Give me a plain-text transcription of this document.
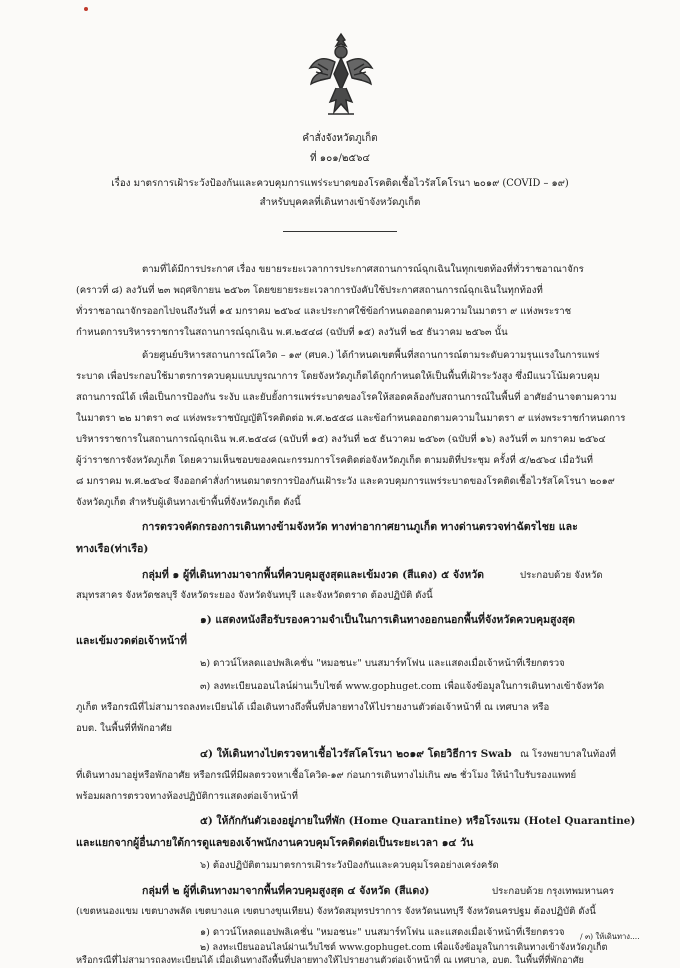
คำสั่งจังหวัดภูเก็ต
ที่ ๑๐๑/๒๕๖๔
เรื่อง มาตรการเฝ้าระวังป้องกันและควบคุมการแพร่ระบาดของโรคติดเชื้อไวรัสโคโรนา ๒๐๑๙ (COVID – ๑๙)
สำหรับบุคคลที่เดินทางเข้าจังหวัดภูเก็ต
ตามที่ได้มีการประกาศ เรื่อง ขยายระยะเวลาการประกาศสถานการณ์ฉุกเฉินในทุกเขตท้องที่ทั่วราชอาณาจักร
(คราวที่ ๘) ลงวันที่ ๒๓ พฤศจิกายน ๒๕๖๓ โดยขยายระยะเวลาการบังคับใช้ประกาศสถานการณ์ฉุกเฉินในทุกท้องที่
ทั่วราชอาณาจักรออกไปจนถึงวันที่ ๑๕ มกราคม ๒๕๖๔ และประกาศใช้ข้อกำหนดออกตามความในมาตรา ๙ แห่งพระราช
กำหนดการบริหารราชการในสถานการณ์ฉุกเฉิน พ.ศ.๒๕๔๘ (ฉบับที่ ๑๕) ลงวันที่ ๒๕ ธันวาคม ๒๕๖๓ นั้น
ด้วยศูนย์บริหารสถานการณ์โควิด – ๑๙ (ศบค.) ได้กำหนดเขตพื้นที่สถานการณ์ตามระดับความรุนแรงในการแพร่
ระบาด เพื่อประกอบใช้มาตรการควบคุมแบบบูรณาการ โดยจังหวัดภูเก็ตได้ถูกกำหนดให้เป็นพื้นที่เฝ้าระวังสูง ซึ่งมีแนวโน้มควบคุม
สถานการณ์ได้ เพื่อเป็นการป้องกัน ระงับ และยับยั้งการแพร่ระบาดของโรคให้สอดคล้องกับสถานการณ์ในพื้นที่ อาศัยอำนาจตามความ
ในมาตรา ๒๒ มาตรา ๓๔ แห่งพระราชบัญญัติโรคติดต่อ พ.ศ.๒๕๕๘ และข้อกำหนดออกตามความในมาตรา ๙ แห่งพระราชกำหนดการ
บริหารราชการในสถานการณ์ฉุกเฉิน พ.ศ.๒๕๔๘ (ฉบับที่ ๑๕) ลงวันที่ ๒๕ ธันวาคม ๒๕๖๓ (ฉบับที่ ๑๖) ลงวันที่ ๓ มกราคม ๒๕๖๔
ผู้ว่าราชการจังหวัดภูเก็ต โดยความเห็นชอบของคณะกรรมการโรคติดต่อจังหวัดภูเก็ต ตามมติที่ประชุม ครั้งที่ ๕/๒๕๖๔ เมื่อวันที่
๘ มกราคม พ.ศ.๒๕๖๔ จึงออกคำสั่งกำหนดมาตรการป้องกันเฝ้าระวัง และควบคุมการแพร่ระบาดของโรคติดเชื้อไวรัสโคโรนา ๒๐๑๙
จังหวัดภูเก็ต สำหรับผู้เดินทางเข้าพื้นที่จังหวัดภูเก็ต ดังนี้
การตรวจคัดกรองการเดินทางข้ามจังหวัด ทางท่าอากาศยานภูเก็ต ทางด่านตรวจท่าฉัตรไชย และ
ทางเรือ(ท่าเรือ)
กลุ่มที่ ๑ ผู้ที่เดินทางมาจากพื้นที่ควบคุมสูงสุดและเข้มงวด (สีแดง) ๕ จังหวัด	ประกอบด้วย จังหวัด
สมุทรสาคร จังหวัดชลบุรี จังหวัดระยอง จังหวัดจันทบุรี และจังหวัดตราด ต้องปฏิบัติ ดังนี้
๑) แสดงหนังสือรับรองความจำเป็นในการเดินทางออกนอกพื้นที่จังหวัดควบคุมสูงสุด
และเข้มงวดต่อเจ้าหน้าที่
๒) ดาวน์โหลดแอปพลิเคชั่น "หมอชนะ" บนสมาร์ทโฟน และแสดงเมื่อเจ้าหน้าที่เรียกตรวจ
๓) ลงทะเบียนออนไลน์ผ่านเว็บไซต์ www.gophuget.com เพื่อแจ้งข้อมูลในการเดินทางเข้าจังหวัด
ภูเก็ต หรือกรณีที่ไม่สามารถลงทะเบียนได้ เมื่อเดินทางถึงพื้นที่ปลายทางให้ไปรายงานตัวต่อเจ้าหน้าที่ ณ เทศบาล หรือ
อบต. ในพื้นที่ที่พักอาศัย
๔) ให้เดินทางไปตรวจหาเชื้อไวรัสโคโรนา ๒๐๑๙ โดยวิธีการ Swab ณ โรงพยาบาลในท้องที่
ที่เดินทางมาอยู่หรือพักอาศัย หรือกรณีที่มีผลตรวจหาเชื้อโควิด-๑๙ ก่อนการเดินทางไม่เกิน ๗๒ ชั่วโมง ให้นำใบรับรองแพทย์
พร้อมผลการตรวจทางห้องปฏิบัติการแสดงต่อเจ้าหน้าที่
๕) ให้กักกันตัวเองอยู่ภายในที่พัก (Home Quarantine) หรือโรงแรม (Hotel Quarantine)
และแยกจากผู้อื่นภายใต้การดูแลของเจ้าพนักงานควบคุมโรคติดต่อเป็นระยะเวลา ๑๔ วัน
๖) ต้องปฏิบัติตามมาตรการเฝ้าระวังป้องกันและควบคุมโรคอย่างเคร่งครัด
กลุ่มที่ ๒ ผู้ที่เดินทางมาจากพื้นที่ควบคุมสูงสุด ๔ จังหวัด (สีแดง)	ประกอบด้วย กรุงเทพมหานคร
(เขตหนองแขม เขตบางพลัด เขตบางแค เขตบางขุนเทียน) จังหวัดสมุทรปราการ จังหวัดนนทบุรี จังหวัดนครปฐม ต้องปฏิบัติ ดังนี้
๑) ดาวน์โหลดแอปพลิเคชั่น "หมอชนะ" บนสมาร์ทโฟน และแสดงเมื่อเจ้าหน้าที่เรียกตรวจ
๒) ลงทะเบียนออนไลน์ผ่านเว็บไซต์ www.gophuget.com เพื่อแจ้งข้อมูลในการเดินทางเข้าจังหวัดภูเก็ต
หรือกรณีที่ไม่สามารถลงทะเบียนได้ เมื่อเดินทางถึงพื้นที่ปลายทางให้ไปรายงานตัวต่อเจ้าหน้าที่ ณ เทศบาล, อบต. ในพื้นที่ที่พักอาศัย
/ ๓) ให้เดินทาง....
